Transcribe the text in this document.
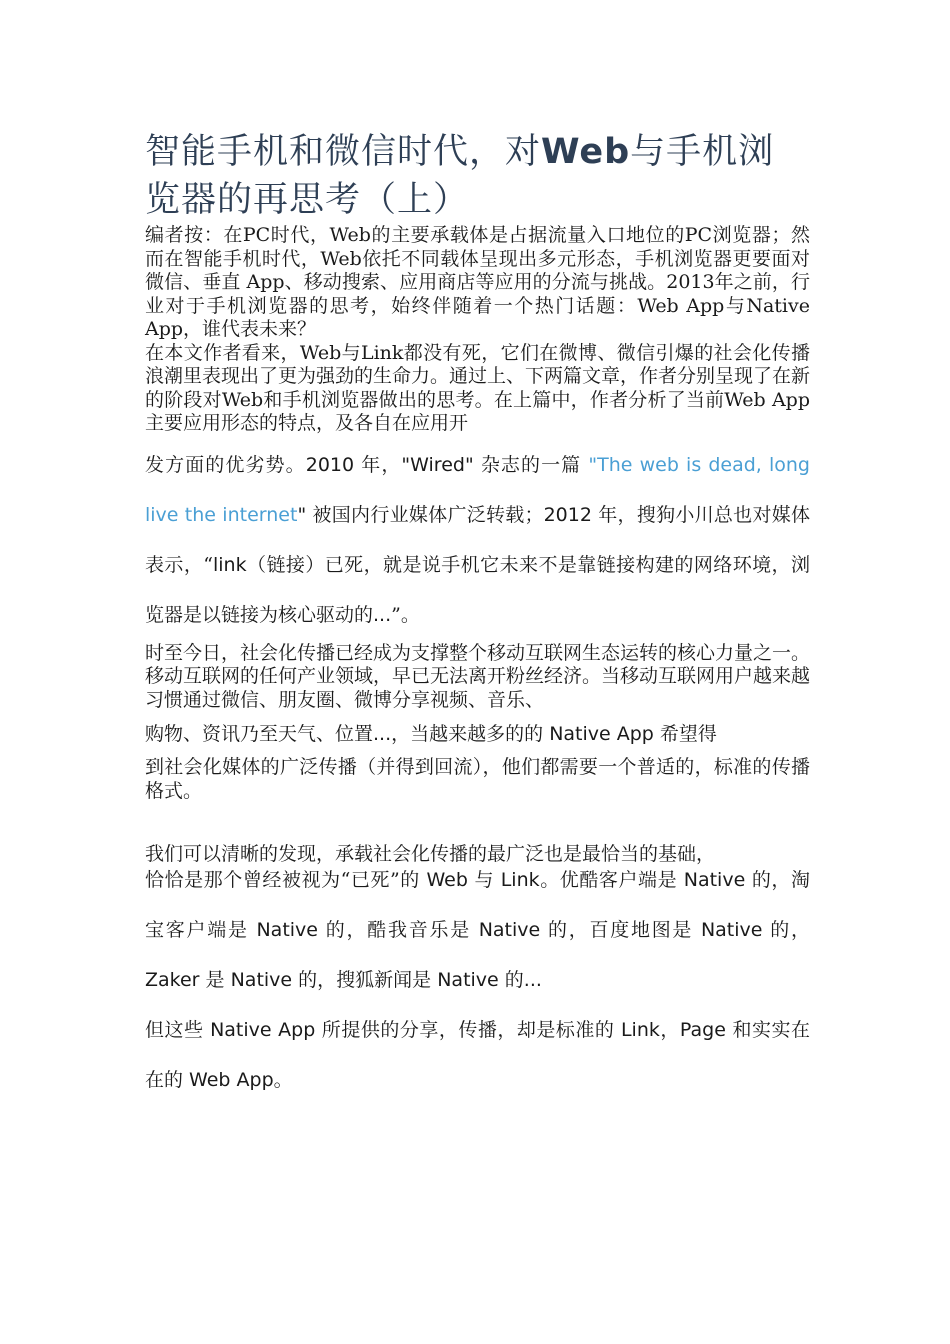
智能手机和微信时代，对Web与手机浏览器的再思考（上）

编者按：在PC时代，Web的主要承载体是占据流量入口地位的PC浏览器；然而在智能手机时代，Web依托不同载体呈现出多元形态，手机浏览器更要面对微信、垂直 App、移动搜索、应用商店等应用的分流与挑战。2013年之前，行业对于手机浏览器的思考，始终伴随着一个热门话题：Web App与Native App，谁代表未来？

在本文作者看来，Web与Link都没有死，它们在微博、微信引爆的社会化传播浪潮里表现出了更为强劲的生命力。通过上、下两篇文章，作者分别呈现了在新的阶段对Web和手机浏览器做出的思考。在上篇中，作者分析了当前Web App主要应用形态的特点，及各自在应用开

发方面的优劣势。2010 年，"Wired" 杂志的一篇 "The web is dead, long live the internet" 被国内行业媒体广泛转载；2012 年，搜狗小川总也对媒体表示，“link（链接）已死，就是说手机它未来不是靠链接构建的网络环境，浏览器是以链接为核心驱动的...”。

时至今日，社会化传播已经成为支撑整个移动互联网生态运转的核心力量之一。移动互联网的任何产业领域，早已无法离开粉丝经济。当移动互联网用户越来越习惯通过微信、朋友圈、微博分享视频、音乐、

购物、资讯乃至天气、位置...，当越来越多的的 Native App 希望得

到社会化媒体的广泛传播（并得到回流），他们都需要一个普适的，标准的传播格式。

我们可以清晰的发现，承载社会化传播的最广泛也是最恰当的基础，

恰恰是那个曾经被视为“已死”的 Web 与 Link。优酷客户端是 Native 的，淘宝客户端是 Native 的，酷我音乐是 Native 的，百度地图是 Native 的，Zaker 是 Native 的，搜狐新闻是 Native 的...
但这些 Native App 所提供的分享，传播，却是标准的 Link，Page 和实实在在的 Web App。
